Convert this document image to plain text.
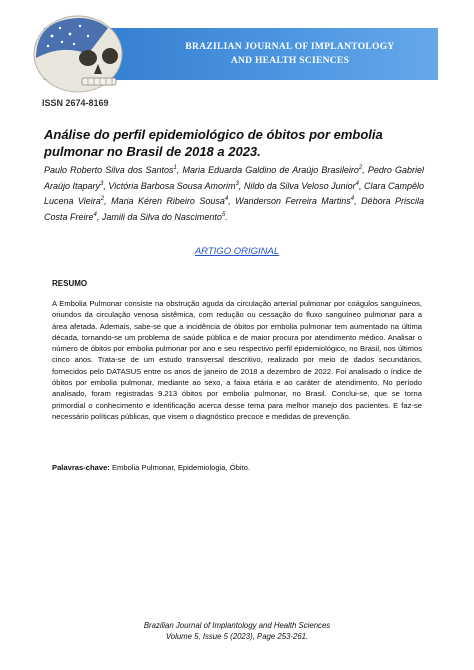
BRAZILIAN JOURNAL OF IMPLANTOLOGY
AND HEALTH SCIENCES
ISSN 2674-8169
Análise do perfil epidemiológico de óbitos por embolia pulmonar no Brasil de 2018 a 2023.

Paulo Roberto Silva dos Santos$^1$, Maria Eduarda Galdino de Araújo Brasileiro$^2$, Pedro Gabriel Araújo Itapary$^3$, Victória Barbosa Sousa Amorim$^3$, Nildo da Silva Veloso Junior$^4$, Clara Campêlo Lucena Vieira$^2$, Maria Kéren Ribeiro Sousa$^4$, Wanderson Ferreira Martins$^4$, Débora Priscila Costa Freire$^4$, Jamili da Silva do Nascimento$^5$.

ARTIGO ORIGINAL
RESUMO

A Embolia Pulmonar consiste na obstrução aguda da circulação arterial pulmonar por coágulos sanguíneos, oriundos da circulação venosa sistêmica, com redução ou cessação do fluxo sanguíneo pulmonar para a área afetada. Ademais, sabe-se que a incidência de óbitos por embolia pulmonar tem aumentado na última década, tornando-se um problema de saúde pública e de maior procura por atendimento médico. Analisar o número de óbitos por embolia pulmonar por ano e seu respectivo perfil epidemiológico, no Brasil, nos últimos cinco anos. Trata-se de um estudo transversal descritivo, realizado por meio de dados secundários, fornecidos pelo DATASUS entre os anos de janeiro de 2018 a dezembro de 2022. Foi analisado o índice de óbitos por embolia pulmonar, mediante ao sexo, a faixa etária e ao caráter de atendimento. No período analisado, foram registradas 9.213 óbitos por embolia pulmonar, no Brasil. Conclui-se, que se torna primordial o conhecimento e identificação acerca desse tema para melhor manejo dos pacientes. E faz-se necessário políticas públicas, que visem o diagnóstico precoce e medidas de prevenção.

Palavras-chave: Embolia Pulmonar, Epidemiologia, Óbito.
Brazilian Journal of Implantology and Health Sciences
Volume 5, Issue 5 (2023), Page 253-261.
